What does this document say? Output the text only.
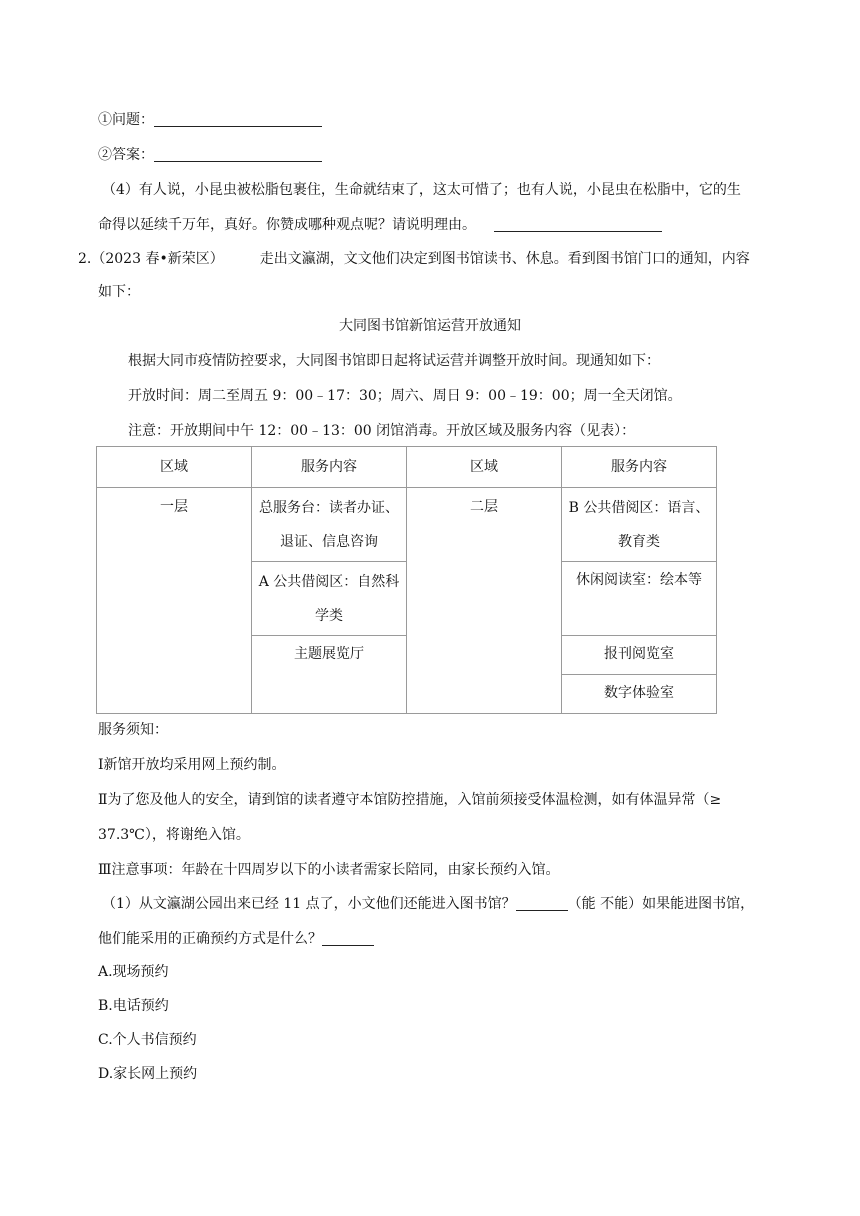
①问题：
②答案：
（4）有人说，小昆虫被松脂包裹住，生命就结束了，这太可惜了；也有人说，小昆虫在松脂中，它的生
命得以延续千万年，真好。你赞成哪种观点呢？请说明理由。
2.（2023 春•新荣区）	走出文瀛湖，文文他们决定到图书馆读书、休息。看到图书馆门口的通知，内容
如下：
大同图书馆新馆运营开放通知
根据大同市疫情防控要求，大同图书馆即日起将试运营并调整开放时间。现通知如下：
开放时间：周二至周五 9：00﹣17：30；周六、周日 9：00﹣19：00；周一全天闭馆。
注意：开放期间中午 12：00﹣13：00 闭馆消毒。开放区域及服务内容（见表）：
区域	服务内容	区域	服务内容
一层	总服务台：读者办证、退证、信息咨询	二层	B 公共借阅区：语言、教育类
	A 公共借阅区：自然科学类		休闲阅读室：绘本等
	主题展览厅		报刊阅览室
			数字体验室
服务须知：
Ⅰ新馆开放均采用网上预约制。
Ⅱ为了您及他人的安全，请到馆的读者遵守本馆防控措施，入馆前须接受体温检测，如有体温异常（≥
37.3℃），将谢绝入馆。
Ⅲ注意事项：年龄在十四周岁以下的小读者需家长陪同，由家长预约入馆。
（1）从文瀛湖公园出来已经 11 点了，小文他们还能进入图书馆？	（能 不能）如果能进图书馆，
他们能采用的正确预约方式是什么？
A.现场预约
B.电话预约
C.个人书信预约
D.家长网上预约
